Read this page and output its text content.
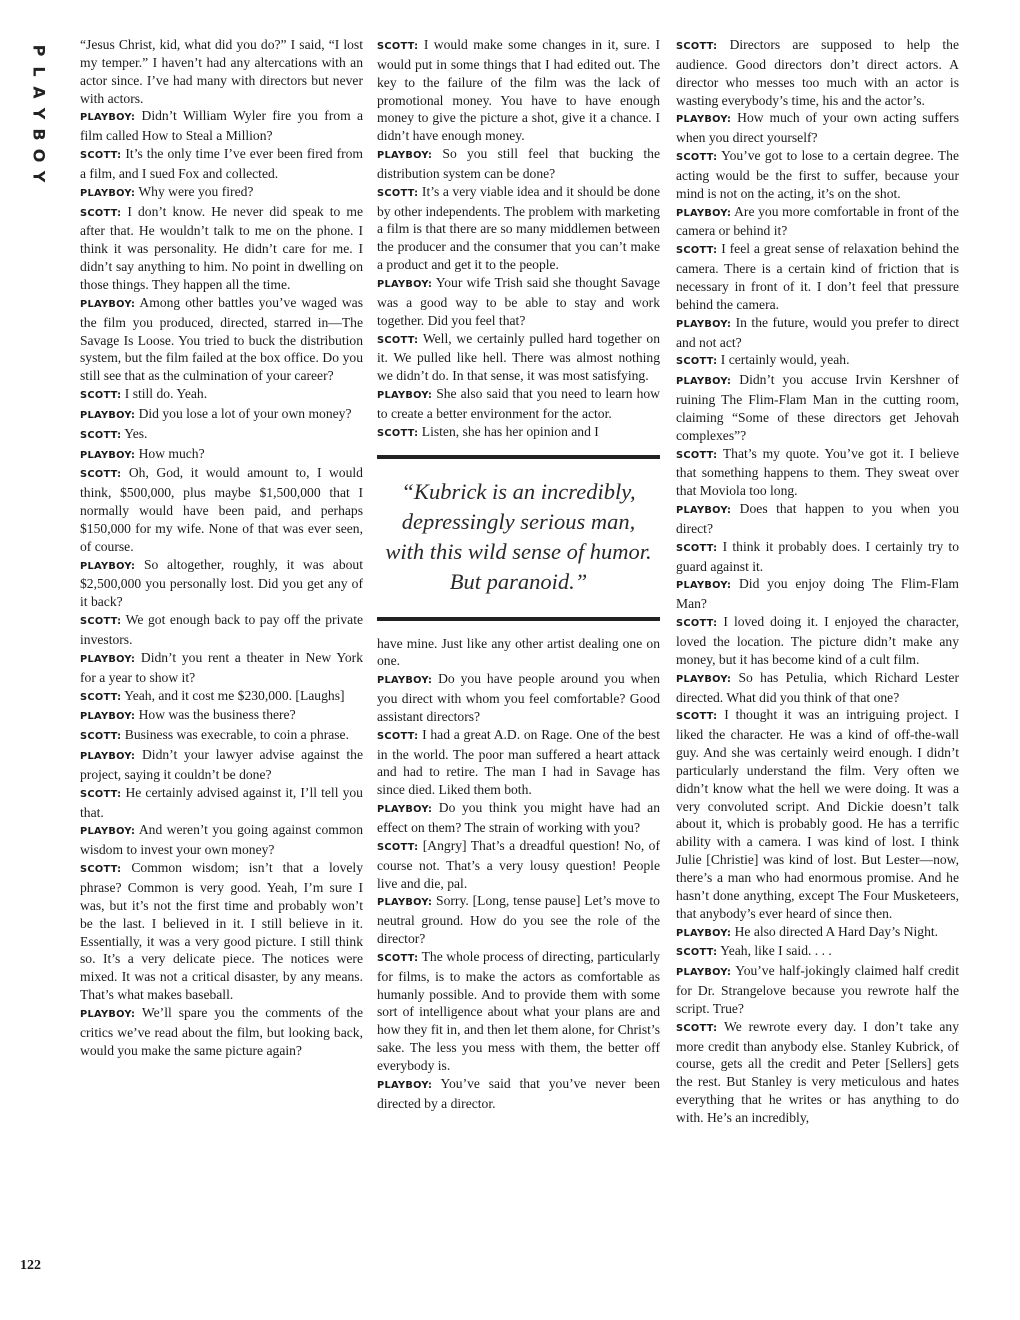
P
L
A
Y
B
O
Y
122

“Jesus Christ, kid, what did you do?” I said, “I lost my temper.” I haven’t had any altercations with an actor since. I’ve had many with directors but never with actors.

PLAYBOY: Didn’t William Wyler fire you from a film called How to Steal a Million?

SCOTT: It’s the only time I’ve ever been fired from a film, and I sued Fox and collected.

PLAYBOY: Why were you fired?

SCOTT: I don’t know. He never did speak to me after that. He wouldn’t talk to me on the phone. I think it was personality. He didn’t care for me. I didn’t say anything to him. No point in dwelling on those things. They happen all the time.

PLAYBOY: Among other battles you’ve waged was the film you produced, directed, starred in—The Savage Is Loose. You tried to buck the distribution system, but the film failed at the box office. Do you still see that as the culmination of your career?

SCOTT: I still do. Yeah.

PLAYBOY: Did you lose a lot of your own money?

SCOTT: Yes.

PLAYBOY: How much?

SCOTT: Oh, God, it would amount to, I would think, $500,000, plus maybe $1,500,000 that I normally would have been paid, and perhaps $150,000 for my wife. None of that was ever seen, of course.

PLAYBOY: So altogether, roughly, it was about $2,500,000 you personally lost. Did you get any of it back?

SCOTT: We got enough back to pay off the private investors.

PLAYBOY: Didn’t you rent a theater in New York for a year to show it?

SCOTT: Yeah, and it cost me $230,000. [Laughs]

PLAYBOY: How was the business there?

SCOTT: Business was execrable, to coin a phrase.

PLAYBOY: Didn’t your lawyer advise against the project, saying it couldn’t be done?

SCOTT: He certainly advised against it, I’ll tell you that.

PLAYBOY: And weren’t you going against common wisdom to invest your own money?

SCOTT: Common wisdom; isn’t that a lovely phrase? Common is very good. Yeah, I’m sure I was, but it’s not the first time and probably won’t be the last. I believed in it. I still believe in it. Essentially, it was a very good picture. I still think so. It’s a very delicate piece. The notices were mixed. It was not a critical disaster, by any means. That’s what makes baseball.

PLAYBOY: We’ll spare you the comments of the critics we’ve read about the film, but looking back, would you make the same picture again?

SCOTT: I would make some changes in it, sure. I would put in some things that I had edited out. The key to the failure of the film was the lack of promotional money. You have to have enough money to give the picture a shot, give it a chance. I didn’t have enough money.

PLAYBOY: So you still feel that bucking the distribution system can be done?

SCOTT: It’s a very viable idea and it should be done by other independents. The problem with marketing a film is that there are so many middlemen between the producer and the consumer that you can’t make a product and get it to the people.

PLAYBOY: Your wife Trish said she thought Savage was a good way to be able to stay and work together. Did you feel that?

SCOTT: Well, we certainly pulled hard together on it. We pulled like hell. There was almost nothing we didn’t do. In that sense, it was most satisfying.

PLAYBOY: She also said that you need to learn how to create a better environment for the actor.

SCOTT: Listen, she has her opinion and I

“Kubrick is an incredibly, depressingly serious man, with this wild sense of humor. But paranoid.”

have mine. Just like any other artist dealing one on one.

PLAYBOY: Do you have people around you when you direct with whom you feel comfortable? Good assistant directors?

SCOTT: I had a great A.D. on Rage. One of the best in the world. The poor man suffered a heart attack and had to retire. The man I had in Savage has since died. Liked them both.

PLAYBOY: Do you think you might have had an effect on them? The strain of working with you?

SCOTT: [Angry] That’s a dreadful question! No, of course not. That’s a very lousy question! People live and die, pal.

PLAYBOY: Sorry. [Long, tense pause] Let’s move to neutral ground. How do you see the role of the director?

SCOTT: The whole process of directing, particularly for films, is to make the actors as comfortable as humanly possible. And to provide them with some sort of intelligence about what your plans are and how they fit in, and then let them alone, for Christ’s sake. The less you mess with them, the better off everybody is.

PLAYBOY: You’ve said that you’ve never been directed by a director.

SCOTT: Directors are supposed to help the audience. Good directors don’t direct actors. A director who messes too much with an actor is wasting everybody’s time, his and the actor’s.

PLAYBOY: How much of your own acting suffers when you direct yourself?

SCOTT: You’ve got to lose to a certain degree. The acting would be the first to suffer, because your mind is not on the acting, it’s on the shot.

PLAYBOY: Are you more comfortable in front of the camera or behind it?

SCOTT: I feel a great sense of relaxation behind the camera. There is a certain kind of friction that is necessary in front of it. I don’t feel that pressure behind the camera.

PLAYBOY: In the future, would you prefer to direct and not act?

SCOTT: I certainly would, yeah.

PLAYBOY: Didn’t you accuse Irvin Kershner of ruining The Flim-Flam Man in the cutting room, claiming “Some of these directors get Jehovah complexes”?

SCOTT: That’s my quote. You’ve got it. I believe that something happens to them. They sweat over that Moviola too long.

PLAYBOY: Does that happen to you when you direct?

SCOTT: I think it probably does. I certainly try to guard against it.

PLAYBOY: Did you enjoy doing The Flim-Flam Man?

SCOTT: I loved doing it. I enjoyed the character, loved the location. The picture didn’t make any money, but it has become kind of a cult film.

PLAYBOY: So has Petulia, which Richard Lester directed. What did you think of that one?

SCOTT: I thought it was an intriguing project. I liked the character. He was a kind of off-the-wall guy. And she was certainly weird enough. I didn’t particularly understand the film. Very often we didn’t know what the hell we were doing. It was a very convoluted script. And Dickie doesn’t talk about it, which is probably good. He has a terrific ability with a camera. I was kind of lost. I think Julie [Christie] was kind of lost. But Lester—now, there’s a man who had enormous promise. And he hasn’t done anything, except The Four Musketeers, that anybody’s ever heard of since then.

PLAYBOY: He also directed A Hard Day’s Night.

SCOTT: Yeah, like I said. . . .

PLAYBOY: You’ve half-jokingly claimed half credit for Dr. Strangelove because you rewrote half the script. True?

SCOTT: We rewrote every day. I don’t take any more credit than anybody else. Stanley Kubrick, of course, gets all the credit and Peter [Sellers] gets the rest. But Stanley is very meticulous and hates everything that he writes or has anything to do with. He’s an incredibly,
